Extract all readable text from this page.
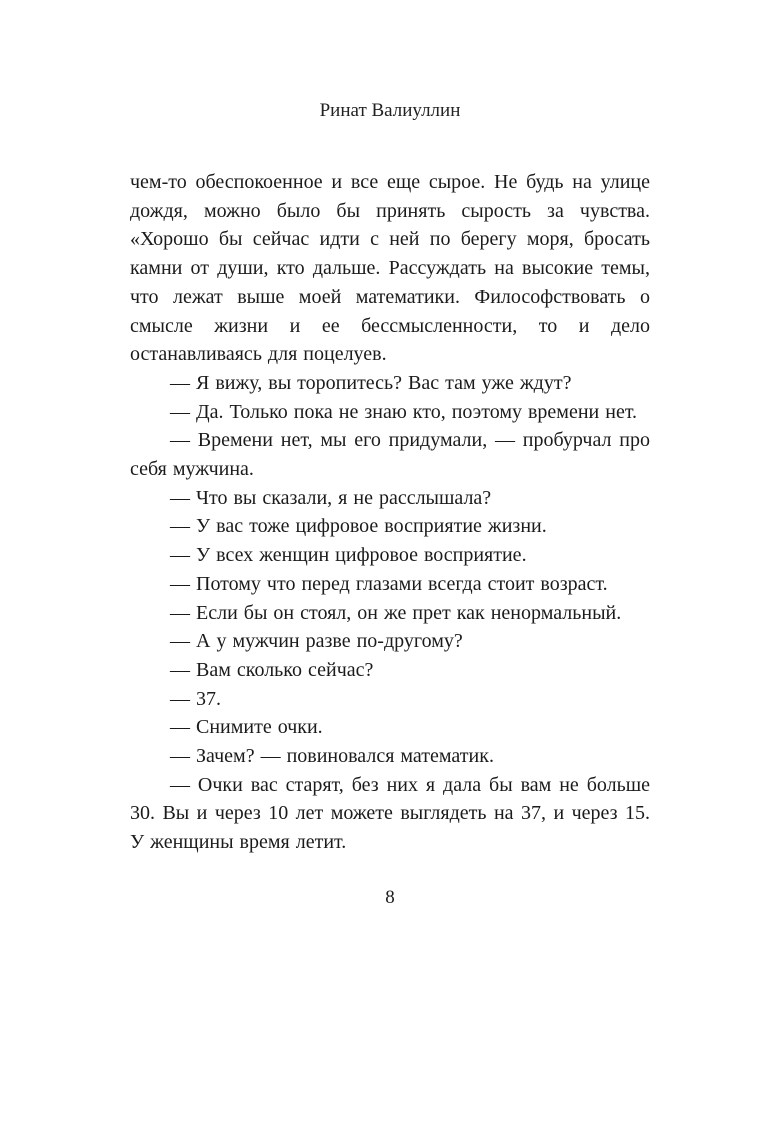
Ринат Валиуллин

чем-то обеспокоенное и все еще сырое. Не будь на улице дождя, можно было бы принять сырость за чувства. «Хорошо бы сейчас идти с ней по берегу моря, бросать камни от души, кто дальше. Рассуждать на высокие темы, что лежат выше моей математики. Философствовать о смысле жизни и ее бессмысленности, то и дело останавливаясь для поцелуев.

— Я вижу, вы торопитесь? Вас там уже ждут?

— Да. Только пока не знаю кто, поэтому времени нет.

— Времени нет, мы его придумали, — пробурчал про себя мужчина.

— Что вы сказали, я не расслышала?

— У вас тоже цифровое восприятие жизни.

— У всех женщин цифровое восприятие.

— Потому что перед глазами всегда стоит возраст.

— Если бы он стоял, он же прет как ненормальный.

— А у мужчин разве по-другому?

— Вам сколько сейчас?

— 37.

— Снимите очки.

— Зачем? — повиновался математик.

— Очки вас старят, без них я дала бы вам не больше 30. Вы и через 10 лет можете выглядеть на 37, и через 15. У женщины время летит.

8
